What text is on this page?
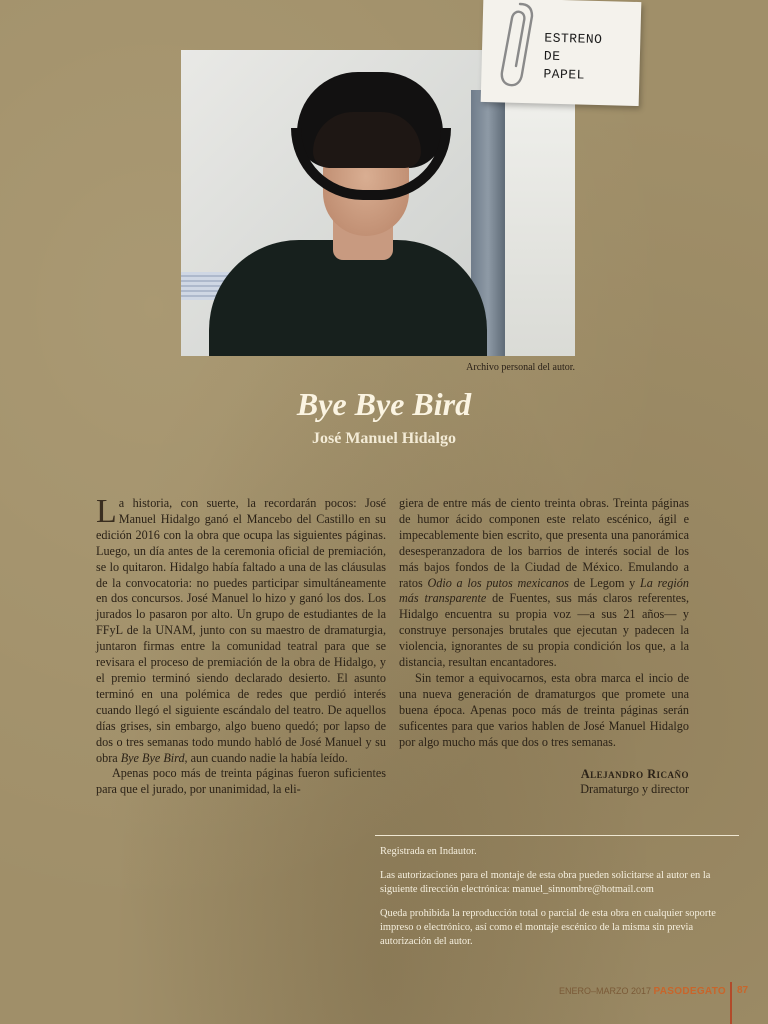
ESTRENO
DE
PAPEL
Archivo personal del autor.
Bye Bye Bird
José Manuel Hidalgo

La historia, con suerte, la recordarán pocos: José Manuel Hidalgo ganó el Mancebo del Castillo en su edición 2016 con la obra que ocupa las siguientes páginas. Luego, un día antes de la ceremonia oficial de premiación, se lo quitaron. Hidalgo había faltado a una de las cláusulas de la convocatoria: no puedes participar simultáneamente en dos concursos. José Manuel lo hizo y ganó los dos. Los jurados lo pasaron por alto. Un grupo de estudiantes de la FFyL de la UNAM, junto con su maestro de dramaturgia, juntaron firmas entre la comunidad teatral para que se revisara el proceso de premiación de la obra de Hidalgo, y el premio terminó siendo declarado desierto. El asunto terminó en una polémica de redes que perdió interés cuando llegó el siguiente escándalo del teatro. De aquellos días grises, sin embargo, algo bueno quedó; por lapso de dos o tres semanas todo mundo habló de José Manuel y su obra Bye Bye Bird, aun cuando nadie la había leído.

Apenas poco más de treinta páginas fueron suficientes para que el jurado, por unanimidad, la eli-

giera de entre más de ciento treinta obras. Treinta páginas de humor ácido componen este relato escénico, ágil e impecablemente bien escrito, que presenta una panorámica desesperanzadora de los barrios de interés social de los más bajos fondos de la Ciudad de México. Emulando a ratos Odio a los putos mexicanos de Legom y La región más transparente de Fuentes, sus más claros referentes, Hidalgo encuentra su propia voz —a sus 21 años— y construye personajes brutales que ejecutan y padecen la violencia, ignorantes de su propia condición los que, a la distancia, resultan encantadores.

Sin temor a equivocarnos, esta obra marca el incio de una nueva generación de dramaturgos que promete una buena época. Apenas poco más de treinta páginas serán suficentes para que varios hablen de José Manuel Hidalgo por algo mucho más que dos o tres semanas.

Alejandro Ricaño
Dramaturgo y director

Registrada en Indautor.

Las autorizaciones para el montaje de esta obra pueden solicitarse al autor en la siguiente dirección electrónica: manuel_sinnombre@hotmail.com

Queda prohibida la reproducción total o parcial de esta obra en cualquier soporte impreso o electrónico, así como el montaje escénico de la misma sin previa autorización del autor.

ENERO–MARZO 2017 PASODEGATO 87
